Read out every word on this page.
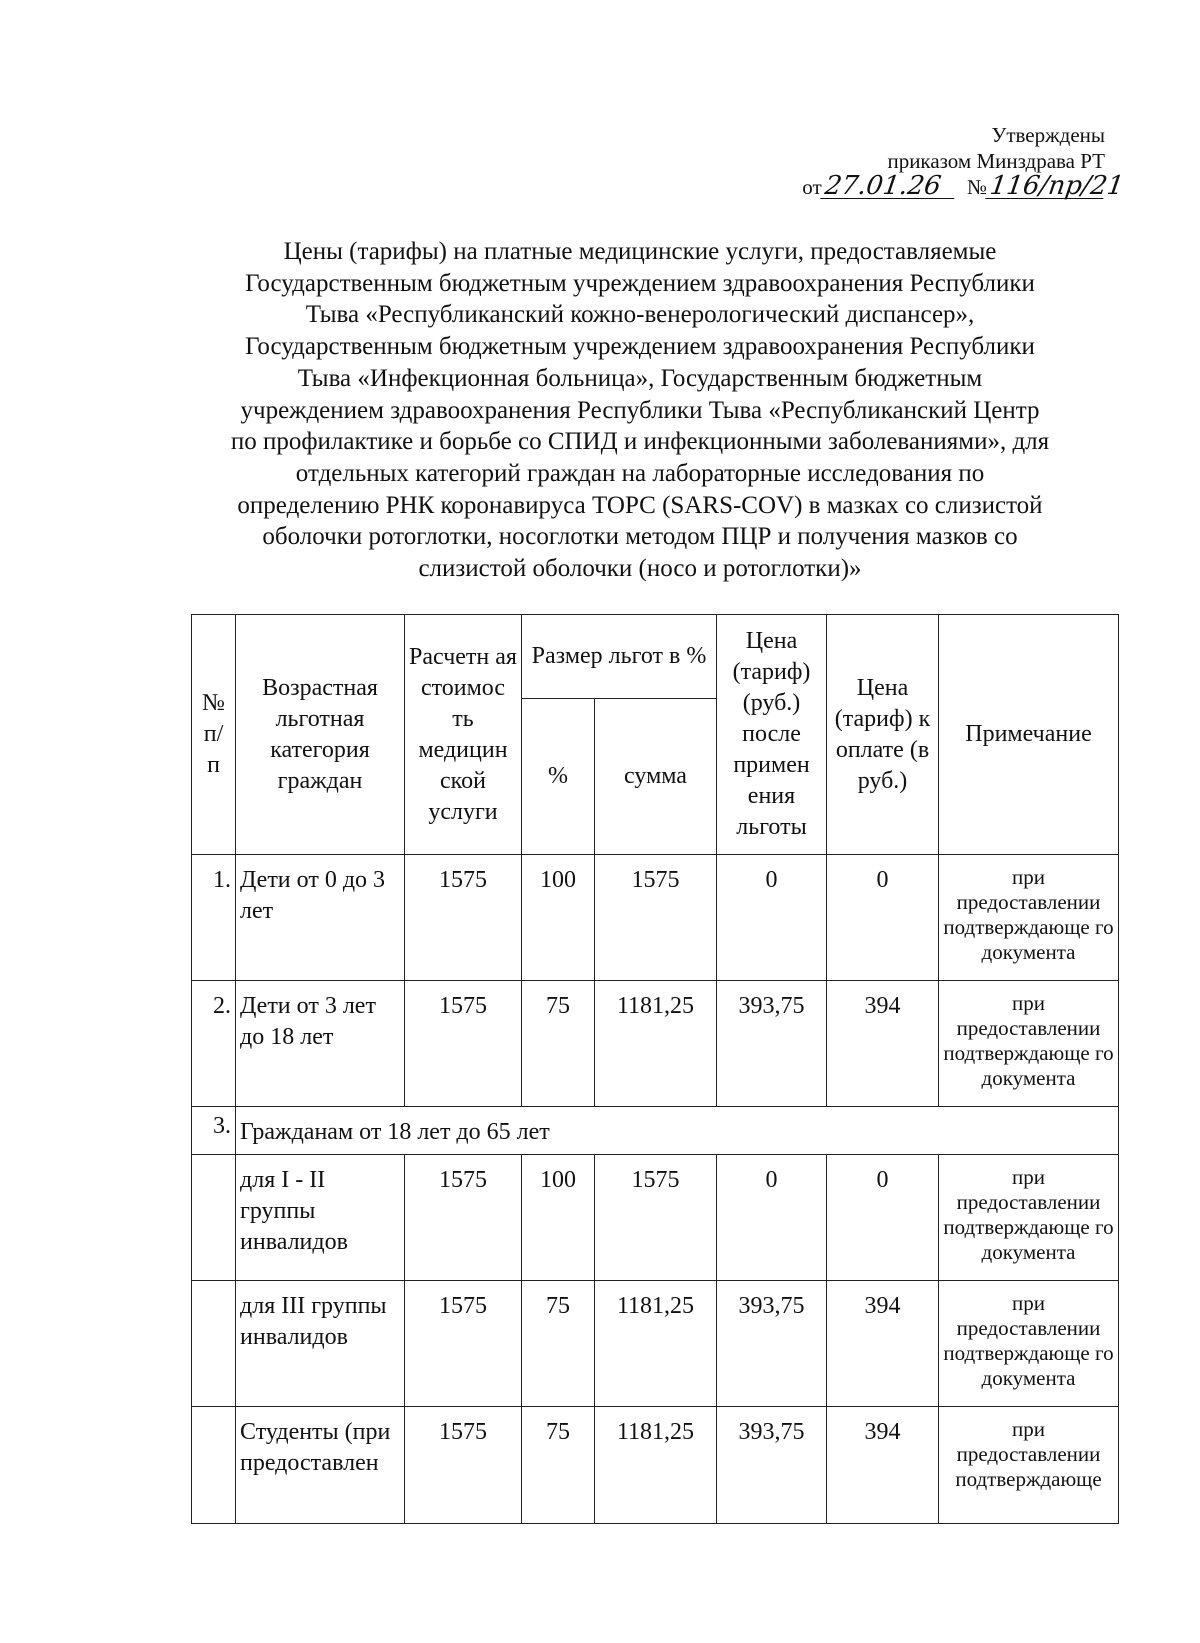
Утверждены
приказом Минздрава РТ
от27.01.26 №116/пр/21
Цены (тарифы) на платные медицинские услуги, предоставляемые
Государственным бюджетным учреждением здравоохранения Республики
Тыва «Республиканский кожно-венерологический диспансер»,
Государственным бюджетным учреждением здравоохранения Республики
Тыва «Инфекционная больница», Государственным бюджетным
учреждением здравоохранения Республики Тыва «Республиканский Центр
по профилактике и борьбе со СПИД и инфекционными заболеваниями», для
отдельных категорий граждан на лабораторные исследования по
определению РНК коронавируса ТОРС (SARS-COV) в мазках со слизистой
оболочки ротоглотки, носоглотки методом ПЦР и получения мазков со
слизистой оболочки (носо и ротоглотки)»
№ п/ п	Возрастная льготная категория граждан	Расчетн ая стоимос ть медицин ской услуги	Размер льгот в %		Цена (тариф) (руб.) после примен ения льготы	Цена (тариф) к оплате (в руб.)	Примечание
			%	сумма			
1.	Дети от 0 до 3 лет	1575	100	1575	0	0	при предоставлении подтверждающе го документа
2.	Дети от 3 лет до 18 лет	1575	75	1181,25	393,75	394	при предоставлении подтверждающе го документа
3.	Гражданам от 18 лет до 65 лет						
	для I - II группы инвалидов	1575	100	1575	0	0	при предоставлении подтверждающе го документа
	для III группы инвалидов	1575	75	1181,25	393,75	394	при предоставлении подтверждающе го документа
	Студенты (при предоставлен	1575	75	1181,25	393,75	394	при предоставлении подтверждающе
